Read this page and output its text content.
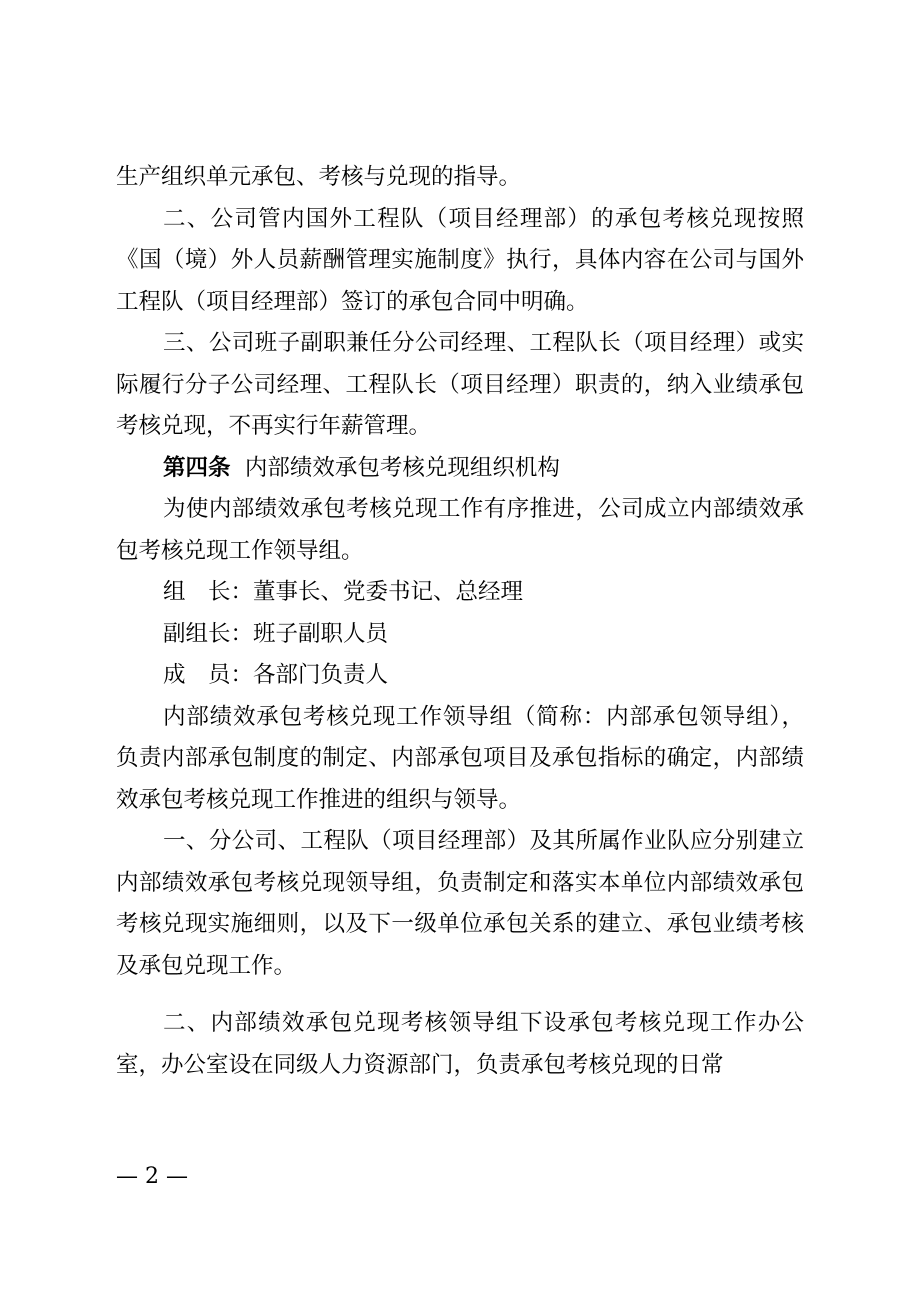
生产组织单元承包、考核与兑现的指导。

二、公司管内国外工程队（项目经理部）的承包考核兑现按照《国（境）外人员薪酬管理实施制度》执行，具体内容在公司与国外工程队（项目经理部）签订的承包合同中明确。

三、公司班子副职兼任分公司经理、工程队长（项目经理）或实际履行分子公司经理、工程队长（项目经理）职责的，纳入业绩承包考核兑现，不再实行年薪管理。

第四条 内部绩效承包考核兑现组织机构

为使内部绩效承包考核兑现工作有序推进，公司成立内部绩效承包考核兑现工作领导组。

组　长：董事长、党委书记、总经理

副组长：班子副职人员

成　员：各部门负责人

内部绩效承包考核兑现工作领导组（简称：内部承包领导组），负责内部承包制度的制定、内部承包项目及承包指标的确定，内部绩效承包考核兑现工作推进的组织与领导。

一、分公司、工程队（项目经理部）及其所属作业队应分别建立内部绩效承包考核兑现领导组，负责制定和落实本单位内部绩效承包考核兑现实施细则，以及下一级单位承包关系的建立、承包业绩考核及承包兑现工作。

二、内部绩效承包兑现考核领导组下设承包考核兑现工作办公室，办公室设在同级人力资源部门，负责承包考核兑现的日常

— 2 —
